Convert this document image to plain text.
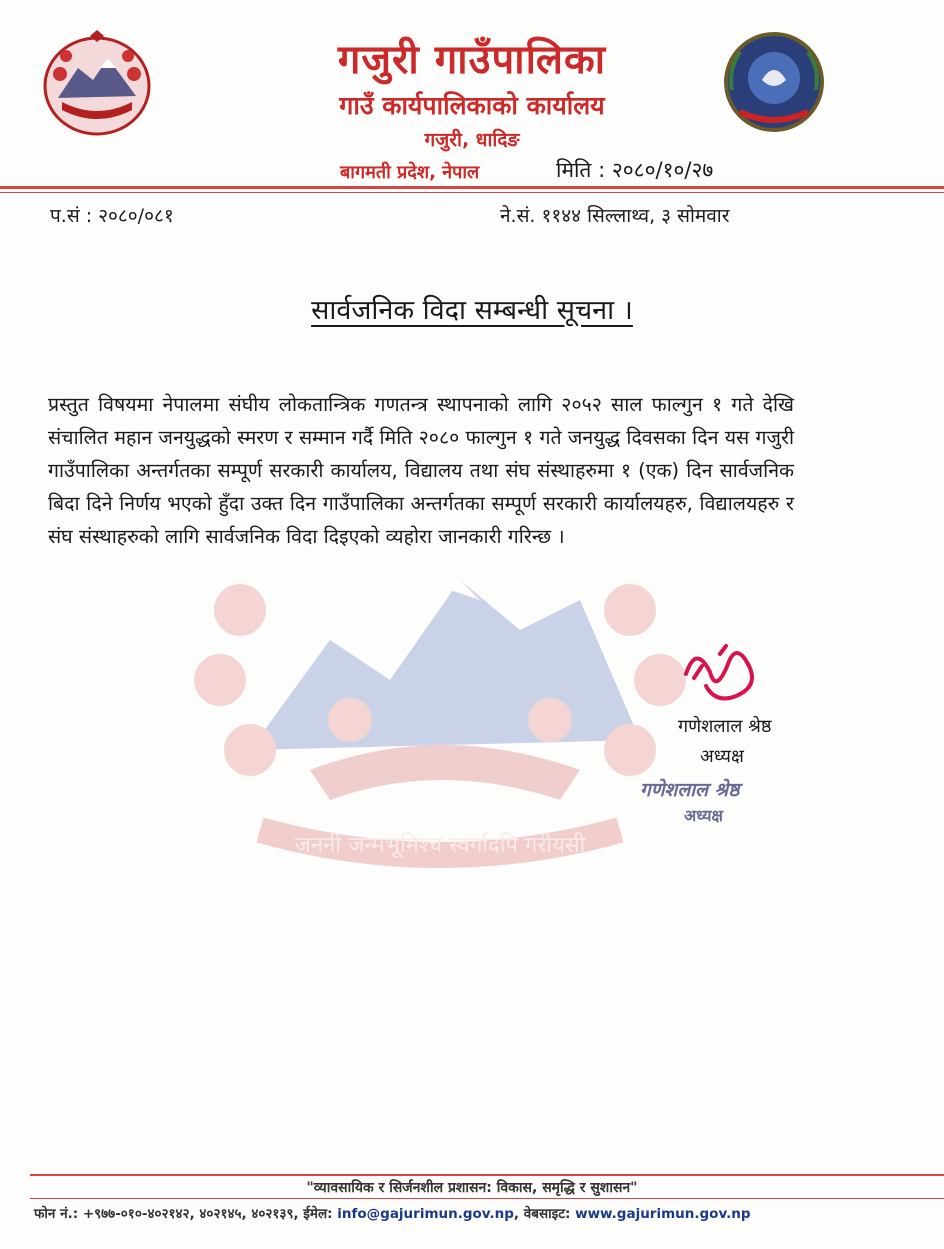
गजुरी गाउँपालिका
गाउँ कार्यपालिकाको कार्यालय
गजुरी, धादिङ
बागमती प्रदेश, नेपाल	मिति : २०८०/१०/२७
प.सं : २०८०/०८१	ने.सं. ११४४ सिल्लाथ्व, ३ सोमवार
जननी जन्मभूमिश्च स्वर्गादपि गरीयसी
सार्वजनिक विदा सम्बन्धी सूचना ।
प्रस्तुत विषयमा नेपालमा संघीय लोकतान्त्रिक गणतन्त्र स्थापनाको लागि २०५२ साल फाल्गुन १ गते देखि संचालित महान जनयुद्धको स्मरण र सम्मान गर्दै मिति २०८० फाल्गुन १ गते जनयुद्ध दिवसका दिन यस गजुरी गाउँपालिका अन्तर्गतका सम्पूर्ण सरकारी कार्यालय, विद्यालय तथा संघ संस्थाहरुमा १ (एक) दिन सार्वजनिक बिदा दिने निर्णय भएको हुँदा उक्त दिन गाउँपालिका अन्तर्गतका सम्पूर्ण सरकारी कार्यालयहरु, विद्यालयहरु र संघ संस्थाहरुको लागि सार्वजनिक विदा दिइएको व्यहोरा जानकारी गरिन्छ ।
गणेशलाल श्रेष्ठ
अध्यक्ष
गणेशलाल श्रेष्ठ
अध्यक्ष
"व्यावसायिक र सिर्जनशील प्रशासन: विकास, समृद्धि र सुशासन"
फोन नं.: +९७७-०१०-४०२१४२, ४०२१४५, ४०२१३९, ईमेल: info@gajurimun.gov.np, वेबसाइट: www.gajurimun.gov.np
